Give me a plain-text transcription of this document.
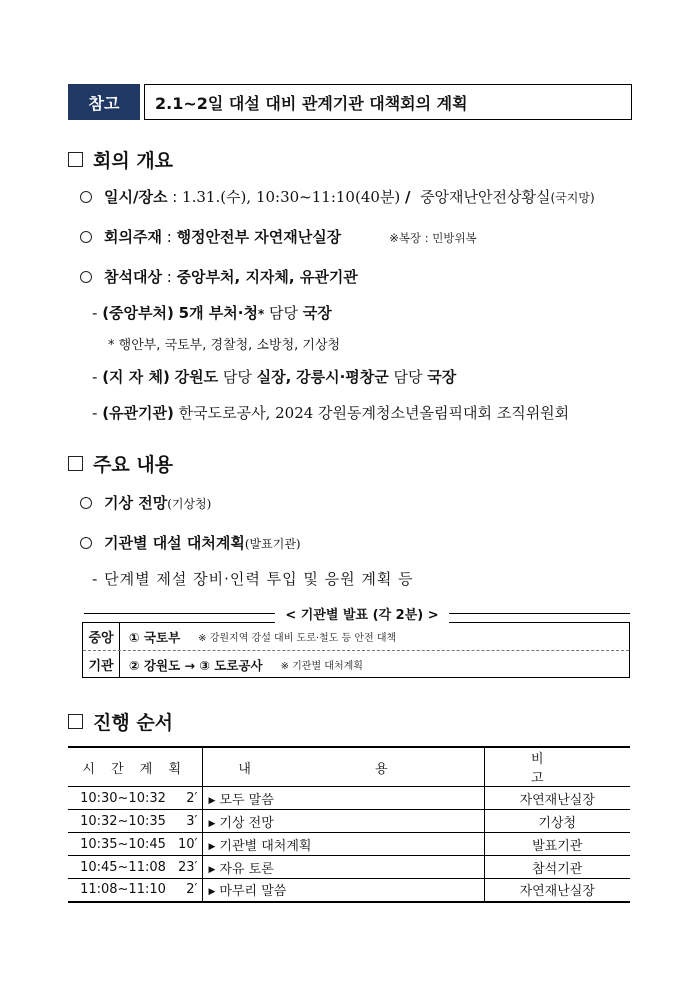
참고	2.1~2일 대설 대비 관계기관 대책회의 계획
회의 개요
일시/장소 : 1.31.(수), 10:30~11:10(40분)
/
중앙재난안전상황실 (국지망)
회의주재 : 행정안전부 자연재난실장	※복장 : 민방위복
참석대상 : 중앙부처, 지자체, 유관기관
- (중앙부처)
5개 부처·청 *
담당
국장
* 행안부, 국토부, 경찰청, 소방청, 기상청
- (지 자 체)
강원도
담당
실장,
강릉시·평창군
담당
국장
- (유관기관)
한국도로공사, 2024 강원동계청소년올림픽대회 조직위원회
주요 내용
기상 전망 (기상청)
기관별 대설 대처계획 (발표기관)
- 단계별 제설 장비·인력 투입 및 응원 계획 등
< 기관별 발표 (각 2분) >
중앙	① 국토부 ※ 강원지역 강설 대비 도로·철도 등 안전 대책
기관	② 강원도 → ③ 도로공사 ※ 기관별 대처계획
진행 순서
시 간 계 획		내 용	비 고
10:30~10:32	2′	▶ 모두 말씀	자연재난실장
10:32~10:35	3′	▶ 기상 전망	기상청
10:35~10:45	10′	▶ 기관별 대처계획	발표기관
10:45~11:08	23′	▶ 자유 토론	참석기관
11:08~11:10	2′	▶ 마무리 말씀	자연재난실장
